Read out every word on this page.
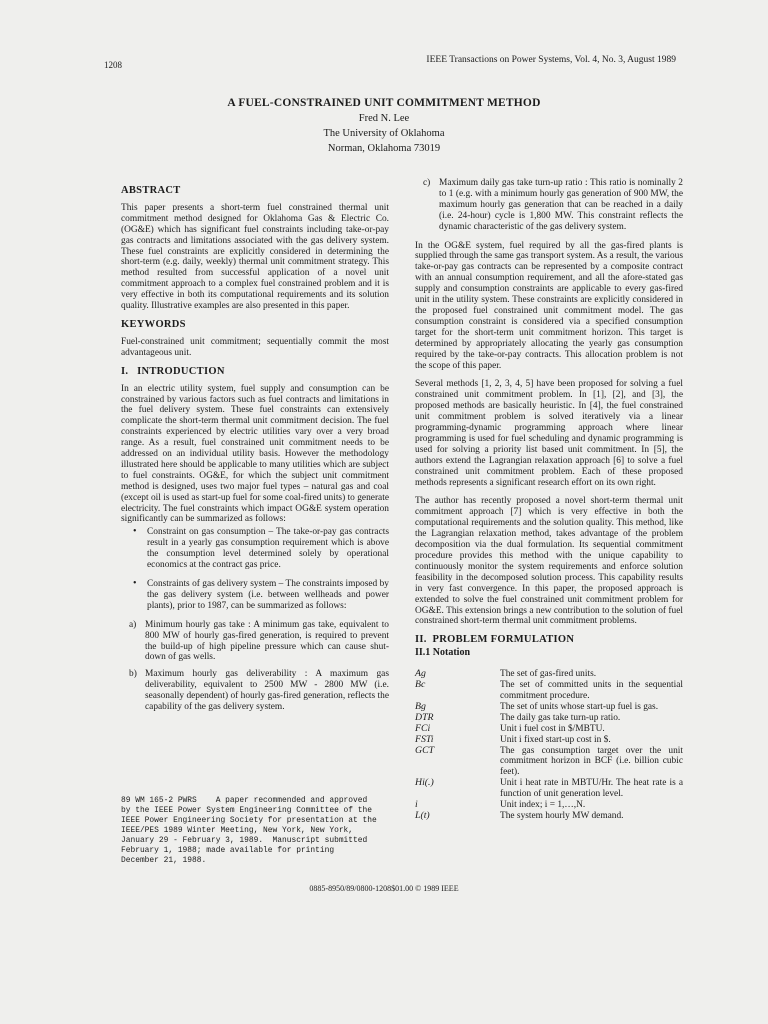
1208	IEEE Transactions on Power Systems, Vol. 4, No. 3, August 1989
A FUEL-CONSTRAINED UNIT COMMITMENT METHOD
Fred N. Lee
The University of Oklahoma
Norman, Oklahoma 73019
ABSTRACT

This paper presents a short-term fuel constrained thermal unit commitment method designed for Oklahoma Gas & Electric Co. (OG&E) which has significant fuel constraints including take-or-pay gas contracts and limitations associated with the gas delivery system. These fuel constraints are explicitly considered in determining the short-term (e.g. daily, weekly) thermal unit commitment strategy. This method resulted from successful application of a novel unit commitment approach to a complex fuel constrained problem and it is very effective in both its computational requirements and its solution quality. Illustrative examples are also presented in this paper.

KEYWORDS

Fuel-constrained unit commitment; sequentially commit the most advantageous unit.

I.   INTRODUCTION

In an electric utility system, fuel supply and consumption can be constrained by various factors such as fuel contracts and limitations in the fuel delivery system. These fuel constraints can extensively complicate the short-term thermal unit commitment decision. The fuel constraints experienced by electric utilities vary over a very broad range. As a result, fuel constrained unit commitment needs to be addressed on an individual utility basis. However the methodology illustrated here should be applicable to many utilities which are subject to fuel constraints. OG&E, for which the subject unit commitment method is designed, uses two major fuel types – natural gas and coal (except oil is used as start-up fuel for some coal-fired units) to generate electricity. The fuel constraints which impact OG&E system operation significantly can be summarized as follows:

• Constraint on gas consumption – The take-or-pay gas contracts result in a yearly gas consumption requirement which is above the consumption level determined solely by operational economics at the contract gas price.
• Constraints of gas delivery system – The constraints imposed by the gas delivery system (i.e. between wellheads and power plants), prior to 1987, can be summarized as follows:
a) Minimum hourly gas take : A minimum gas take, equivalent to 800 MW of hourly gas-fired generation, is required to prevent the build-up of high pipeline pressure which can cause shut-down of gas wells.
b) Maximum hourly gas deliverability : A maximum gas deliverability, equivalent to 2500 MW - 2800 MW (i.e. seasonally dependent) of hourly gas-fired generation, reflects the capability of the gas delivery system.
89 WM 165-2 PWRS    A paper recommended and approved
by the IEEE Power System Engineering Committee of the
IEEE Power Engineering Society for presentation at the
IEEE/PES 1989 Winter Meeting, New York, New York,
January 29 - February 3, 1989.  Manuscript submitted
February 1, 1988; made available for printing
December 21, 1988.
c) Maximum daily gas take turn-up ratio : This ratio is nominally 2 to 1 (e.g. with a minimum hourly gas generation of 900 MW, the maximum hourly gas generation that can be reached in a daily (i.e. 24-hour) cycle is 1,800 MW. This constraint reflects the dynamic characteristic of the gas delivery system.

In the OG&E system, fuel required by all the gas-fired plants is supplied through the same gas transport system. As a result, the various take-or-pay gas contracts can be represented by a composite contract with an annual consumption requirement, and all the afore-stated gas supply and consumption constraints are applicable to every gas-fired unit in the utility system. These constraints are explicitly considered in the proposed fuel constrained unit commitment model. The gas consumption constraint is considered via a specified consumption target for the short-term unit commitment horizon. This target is determined by appropriately allocating the yearly gas consumption required by the take-or-pay contracts. This allocation problem is not the scope of this paper.

Several methods [1, 2, 3, 4, 5] have been proposed for solving a fuel constrained unit commitment problem. In [1], [2], and [3], the proposed methods are basically heuristic. In [4], the fuel constrained unit commitment problem is solved iteratively via a linear programming-dynamic programming approach where linear programming is used for fuel scheduling and dynamic programming is used for solving a priority list based unit commitment. In [5], the authors extend the Lagrangian relaxation approach [6] to solve a fuel constrained unit commitment problem. Each of these proposed methods represents a significant research effort on its own right.

The author has recently proposed a novel short-term thermal unit commitment approach [7] which is very effective in both the computational requirements and the solution quality. This method, like the Lagrangian relaxation method, takes advantage of the problem decomposition via the dual formulation. Its sequential commitment procedure provides this method with the unique capability to continuously monitor the system requirements and enforce solution feasibility in the decomposed solution process. This capability results in very fast convergence. In this paper, the proposed approach is extended to solve the fuel constrained unit commitment problem for OG&E. This extension brings a new contribution to the solution of fuel constrained short-term thermal unit commitment problems.

II.  PROBLEM FORMULATION
II.1 Notation
Ag	The set of gas-fired units.
Bc	The set of committed units in the sequential commitment procedure.
Bg	The set of units whose start-up fuel is gas.
DTR	The daily gas take turn-up ratio.
FCi	Unit i fuel cost in $/MBTU.
FSTi	Unit i fixed start-up cost in $.
GCT	The gas consumption target over the unit commitment horizon in BCF (i.e. billion cubic feet).
Hi(.)	Unit i heat rate in MBTU/Hr. The heat rate is a function of unit generation level.
i	Unit index; i = 1,…,N.
L(t)	The system hourly MW demand.
0885-8950/89/0800-1208$01.00 © 1989 IEEE
